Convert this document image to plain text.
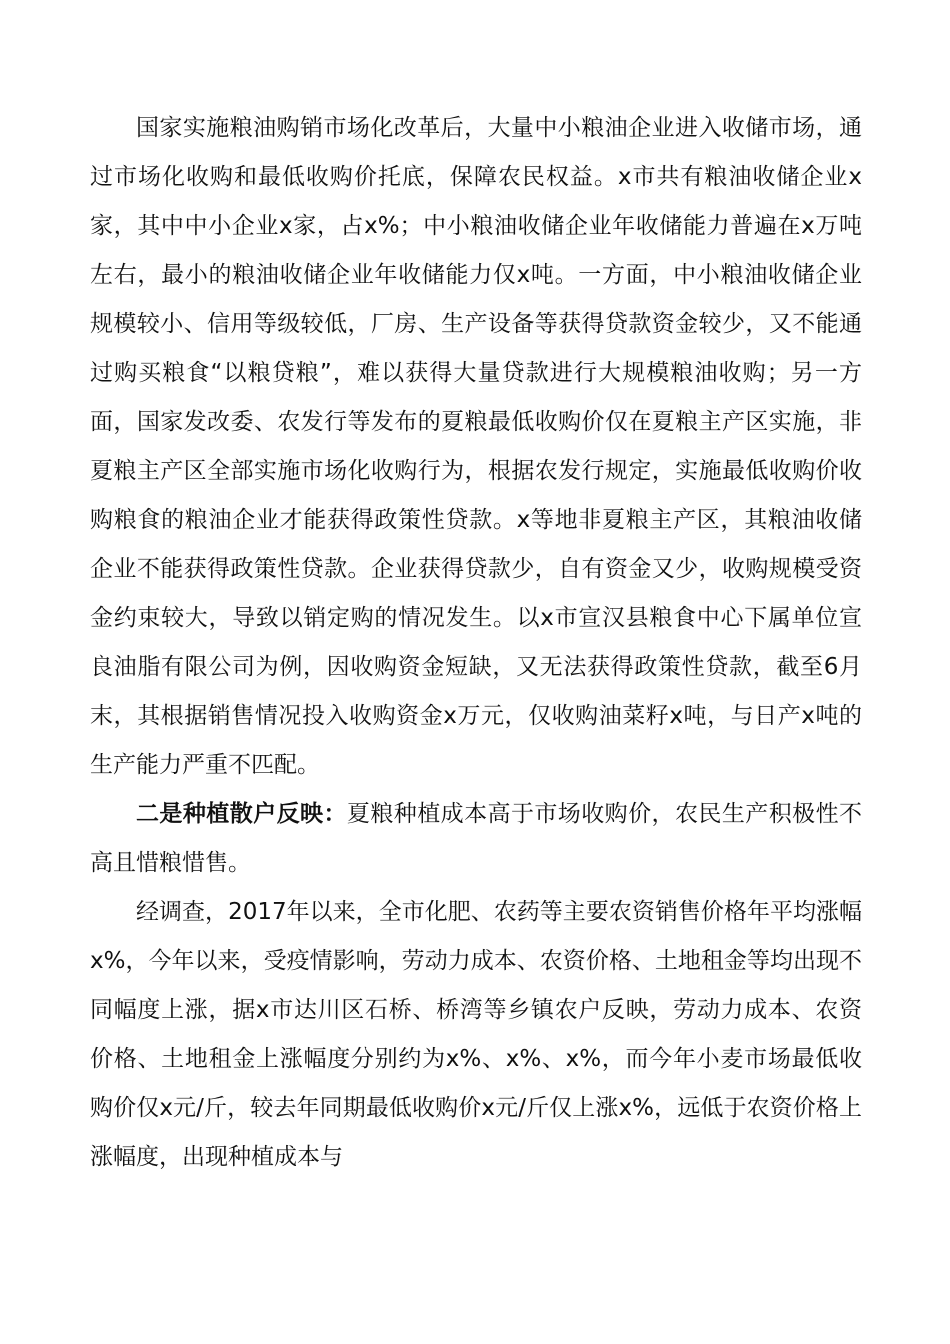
国家实施粮油购销市场化改革后，大量中小粮油企业进入收储市场，通过市场化收购和最低收购价托底，保障农民权益。x市共有粮油收储企业x家，其中中小企业x家，占x%；中小粮油收储企业年收储能力普遍在x万吨左右，最小的粮油收储企业年收储能力仅x吨。一方面，中小粮油收储企业规模较小、信用等级较低，厂房、生产设备等获得贷款资金较少，又不能通过购买粮食“以粮贷粮”，难以获得大量贷款进行大规模粮油收购；另一方面，国家发改委、农发行等发布的夏粮最低收购价仅在夏粮主产区实施，非夏粮主产区全部实施市场化收购行为，根据农发行规定，实施最低收购价收购粮食的粮油企业才能获得政策性贷款。x等地非夏粮主产区，其粮油收储企业不能获得政策性贷款。企业获得贷款少，自有资金又少，收购规模受资金约束较大，导致以销定购的情况发生。以x市宣汉县粮食中心下属单位宣良油脂有限公司为例，因收购资金短缺，又无法获得政策性贷款，截至6月末，其根据销售情况投入收购资金x万元，仅收购油菜籽x吨，与日产x吨的生产能力严重不匹配。

二是种植散户反映：夏粮种植成本高于市场收购价，农民生产积极性不高且惜粮惜售。

经调查，2017年以来，全市化肥、农药等主要农资销售价格年平均涨幅x%，今年以来，受疫情影响，劳动力成本、农资价格、土地租金等均出现不同幅度上涨，据x市达川区石桥、桥湾等乡镇农户反映，劳动力成本、农资价格、土地租金上涨幅度分别约为x%、x%、x%，而今年小麦市场最低收购价仅x元/斤，较去年同期最低收购价x元/斤仅上涨x%，远低于农资价格上涨幅度，出现种植成本与
